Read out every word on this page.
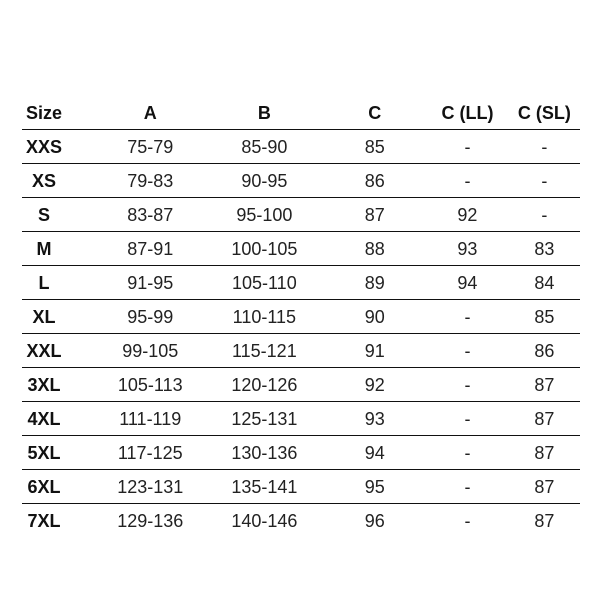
Size	A	B	C	C (LL)	C (SL)
XXS	75-79	85-90	85	-	-
XS	79-83	90-95	86	-	-
S	83-87	95-100	87	92	-
M	87-91	100-105	88	93	83
L	91-95	105-110	89	94	84
XL	95-99	110-115	90	-	85
XXL	99-105	115-121	91	-	86
3XL	105-113	120-126	92	-	87
4XL	111-119	125-131	93	-	87
5XL	117-125	130-136	94	-	87
6XL	123-131	135-141	95	-	87
7XL	129-136	140-146	96	-	87
